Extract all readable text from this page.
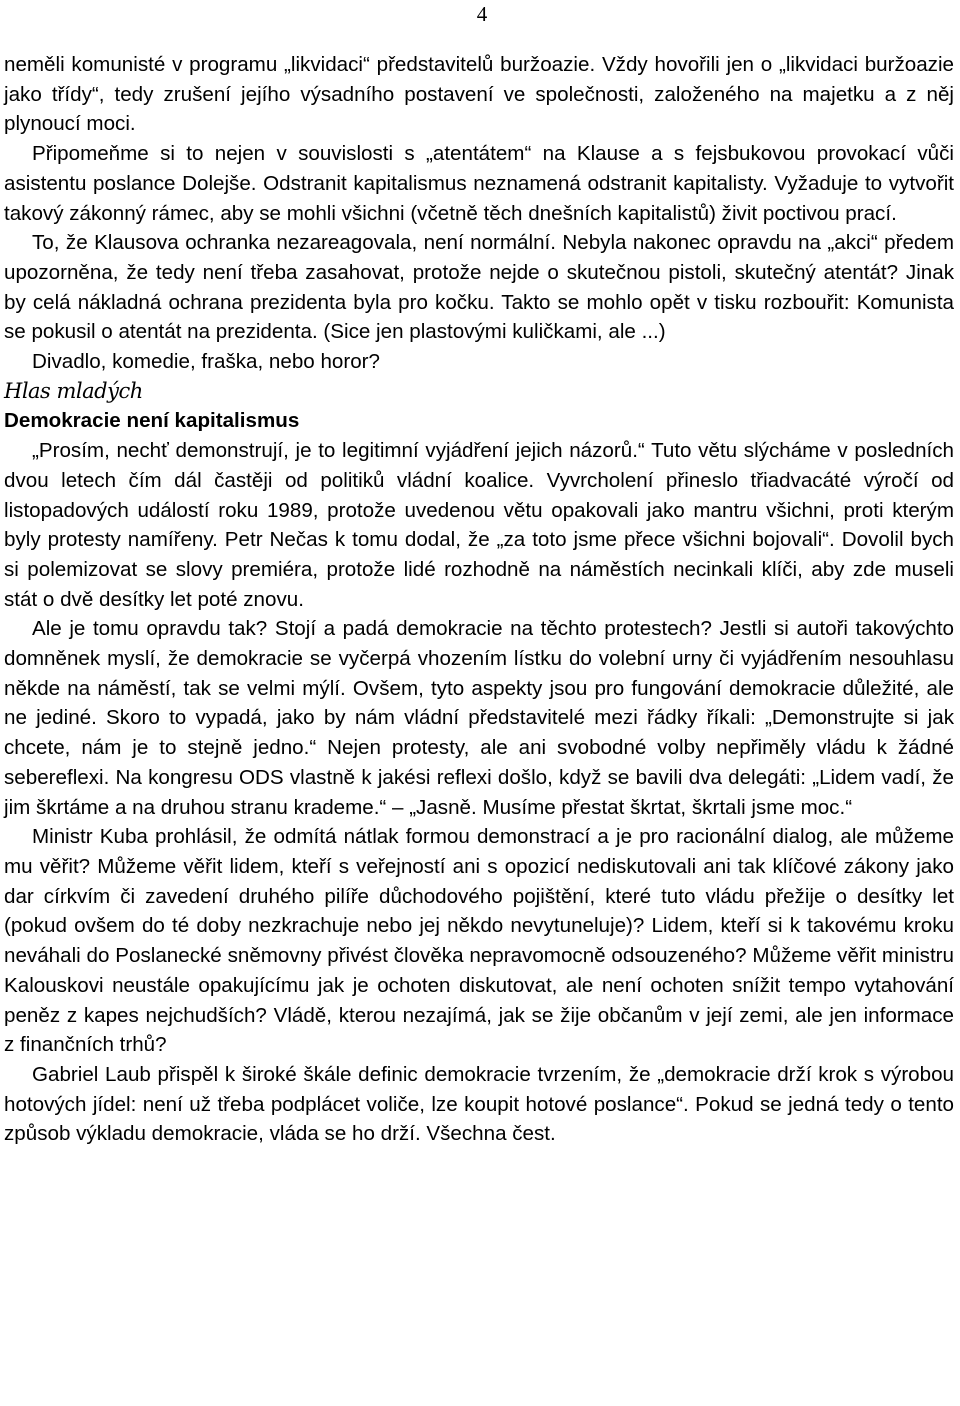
4

neměli komunisté v programu „likvidaci“ představitelů buržoazie. Vždy hovořili jen o „likvidaci buržoazie jako třídy“, tedy zrušení jejího výsadního postavení ve společnosti, založeného na majetku a z něj plynoucí moci.

Připomeňme si to nejen v souvislosti s „atentátem“ na Klause a s fejsbukovou provokací vůči asistentu poslance Dolejše. Odstranit kapitalismus neznamená odstranit kapitalisty. Vyžaduje to vytvořit takový zákonný rámec, aby se mohli všichni (včetně těch dnešních kapitalistů) živit poctivou prací.

To, že Klausova ochranka nezareagovala, není normální. Nebyla nakonec opravdu na „akci“ předem upozorněna, že tedy není třeba zasahovat, protože nejde o skutečnou pistoli, skutečný atentát? Jinak by celá nákladná ochrana prezidenta byla pro kočku. Takto se mohlo opět v tisku rozbouřit: Komunista se pokusil o atentát na prezidenta. (Sice jen plastovými kuličkami, ale ...)

Divadlo, komedie, fraška, nebo horor?

Hlas mladých

Demokracie není kapitalismus

„Prosím, nechť demonstrují, je to legitimní vyjádření jejich názorů.“ Tuto větu slýcháme v posledních dvou letech čím dál častěji od politiků vládní koalice. Vyvrcholení přineslo třiadvacáté výročí od listopadových událostí roku 1989, protože uvedenou větu opakovali jako mantru všichni, proti kterým byly protesty namířeny. Petr Nečas k tomu dodal, že „za toto jsme přece všichni bojovali“. Dovolil bych si polemizovat se slovy premiéra, protože lidé rozhodně na náměstích necinkali klíči, aby zde museli stát o dvě desítky let poté znovu.

Ale je tomu opravdu tak? Stojí a padá demokracie na těchto protestech? Jestli si autoři takovýchto domněnek myslí, že demokracie se vyčerpá vhozením lístku do volební urny či vyjádřením nesouhlasu někde na náměstí, tak se velmi mýlí. Ovšem, tyto aspekty jsou pro fungování demokracie důležité, ale ne jediné. Skoro to vypadá, jako by nám vládní představitelé mezi řádky říkali: „Demonstrujte si jak chcete, nám je to stejně jedno.“ Nejen protesty, ale ani svobodné volby nepřiměly vládu k žádné sebereflexi. Na kongresu ODS vlastně k jakési reflexi došlo, když se bavili dva delegáti: „Lidem vadí, že jim škrtáme a na druhou stranu krademe.“ – „Jasně. Musíme přestat škrtat, škrtali jsme moc.“

Ministr Kuba prohlásil, že odmítá nátlak formou demonstrací a je pro racionální dialog, ale můžeme mu věřit? Můžeme věřit lidem, kteří s veřejností ani s opozicí nediskutovali ani tak klíčové zákony jako dar církvím či zavedení druhého pilíře důchodového pojištění, které tuto vládu přežije o desítky let (pokud ovšem do té doby nezkrachuje nebo jej někdo nevytuneluje)? Lidem, kteří si k takovému kroku neváhali do Poslanecké sněmovny přivést člověka nepravomocně odsouzeného? Můžeme věřit ministru Kalouskovi neustále opakujícímu jak je ochoten diskutovat, ale není ochoten snížit tempo vytahování peněz z kapes nejchudších? Vládě, kterou nezajímá, jak se žije občanům v její zemi, ale jen informace z finančních trhů?

Gabriel Laub přispěl k široké škále definic demokracie tvrzením, že „demokracie drží krok s výrobou hotových jídel: není už třeba podplácet voliče, lze koupit hotové poslance“. Pokud se jedná tedy o tento způsob výkladu demokracie, vláda se ho drží. Všechna čest.
